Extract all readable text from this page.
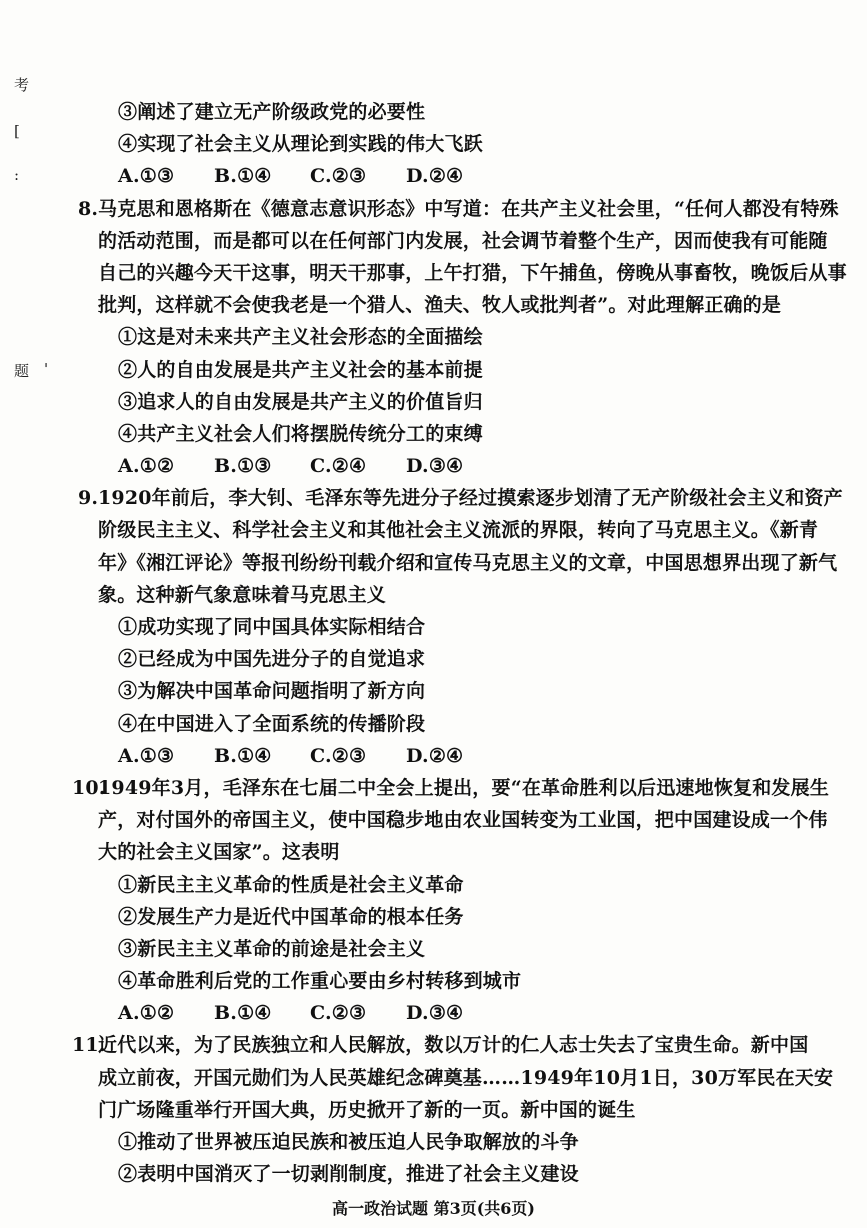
考
[
:
题 '
③阐述了建立无产阶级政党的必要性
④实现了社会主义从理论到实践的伟大飞跃
A.①③	B.①④	C.②③	D.②④
8.马克思和恩格斯在《德意志意识形态》中写道：在共产主义社会里，“任何人都没有特殊
的活动范围，而是都可以在任何部门内发展，社会调节着整个生产，因而使我有可能随
自己的兴趣今天干这事，明天干那事，上午打猎，下午捕鱼，傍晚从事畜牧，晚饭后从事
批判，这样就不会使我老是一个猎人、渔夫、牧人或批判者”。对此理解正确的是
①这是对未来共产主义社会形态的全面描绘
②人的自由发展是共产主义社会的基本前提
③追求人的自由发展是共产主义的价值旨归
④共产主义社会人们将摆脱传统分工的束缚
A.①②	B.①③	C.②④	D.③④
9.1920年前后，李大钊、毛泽东等先进分子经过摸索逐步划清了无产阶级社会主义和资产
阶级民主主义、科学社会主义和其他社会主义流派的界限，转向了马克思主义。《新青
年》《湘江评论》等报刊纷纷刊载介绍和宣传马克思主义的文章，中国思想界出现了新气
象。这种新气象意味着马克思主义
①成功实现了同中国具体实际相结合
②已经成为中国先进分子的自觉追求
③为解决中国革命问题指明了新方向
④在中国进入了全面系统的传播阶段
A.①③	B.①④	C.②③	D.②④
10.1949年3月，毛泽东在七届二中全会上提出，要“在革命胜利以后迅速地恢复和发展生
产，对付国外的帝国主义，使中国稳步地由农业国转变为工业国，把中国建设成一个伟
大的社会主义国家”。这表明
①新民主主义革命的性质是社会主义革命
②发展生产力是近代中国革命的根本任务
③新民主主义革命的前途是社会主义
④革命胜利后党的工作重心要由乡村转移到城市
A.①②	B.①④	C.②③	D.③④
11.近代以来，为了民族独立和人民解放，数以万计的仁人志士失去了宝贵生命。新中国
成立前夜，开国元勋们为人民英雄纪念碑奠基……1949年10月1日，30万军民在天安
门广场隆重举行开国大典，历史掀开了新的一页。新中国的诞生
①推动了世界被压迫民族和被压迫人民争取解放的斗争
②表明中国消灭了一切剥削制度，推进了社会主义建设
高一政治试题 第3页(共6页)
